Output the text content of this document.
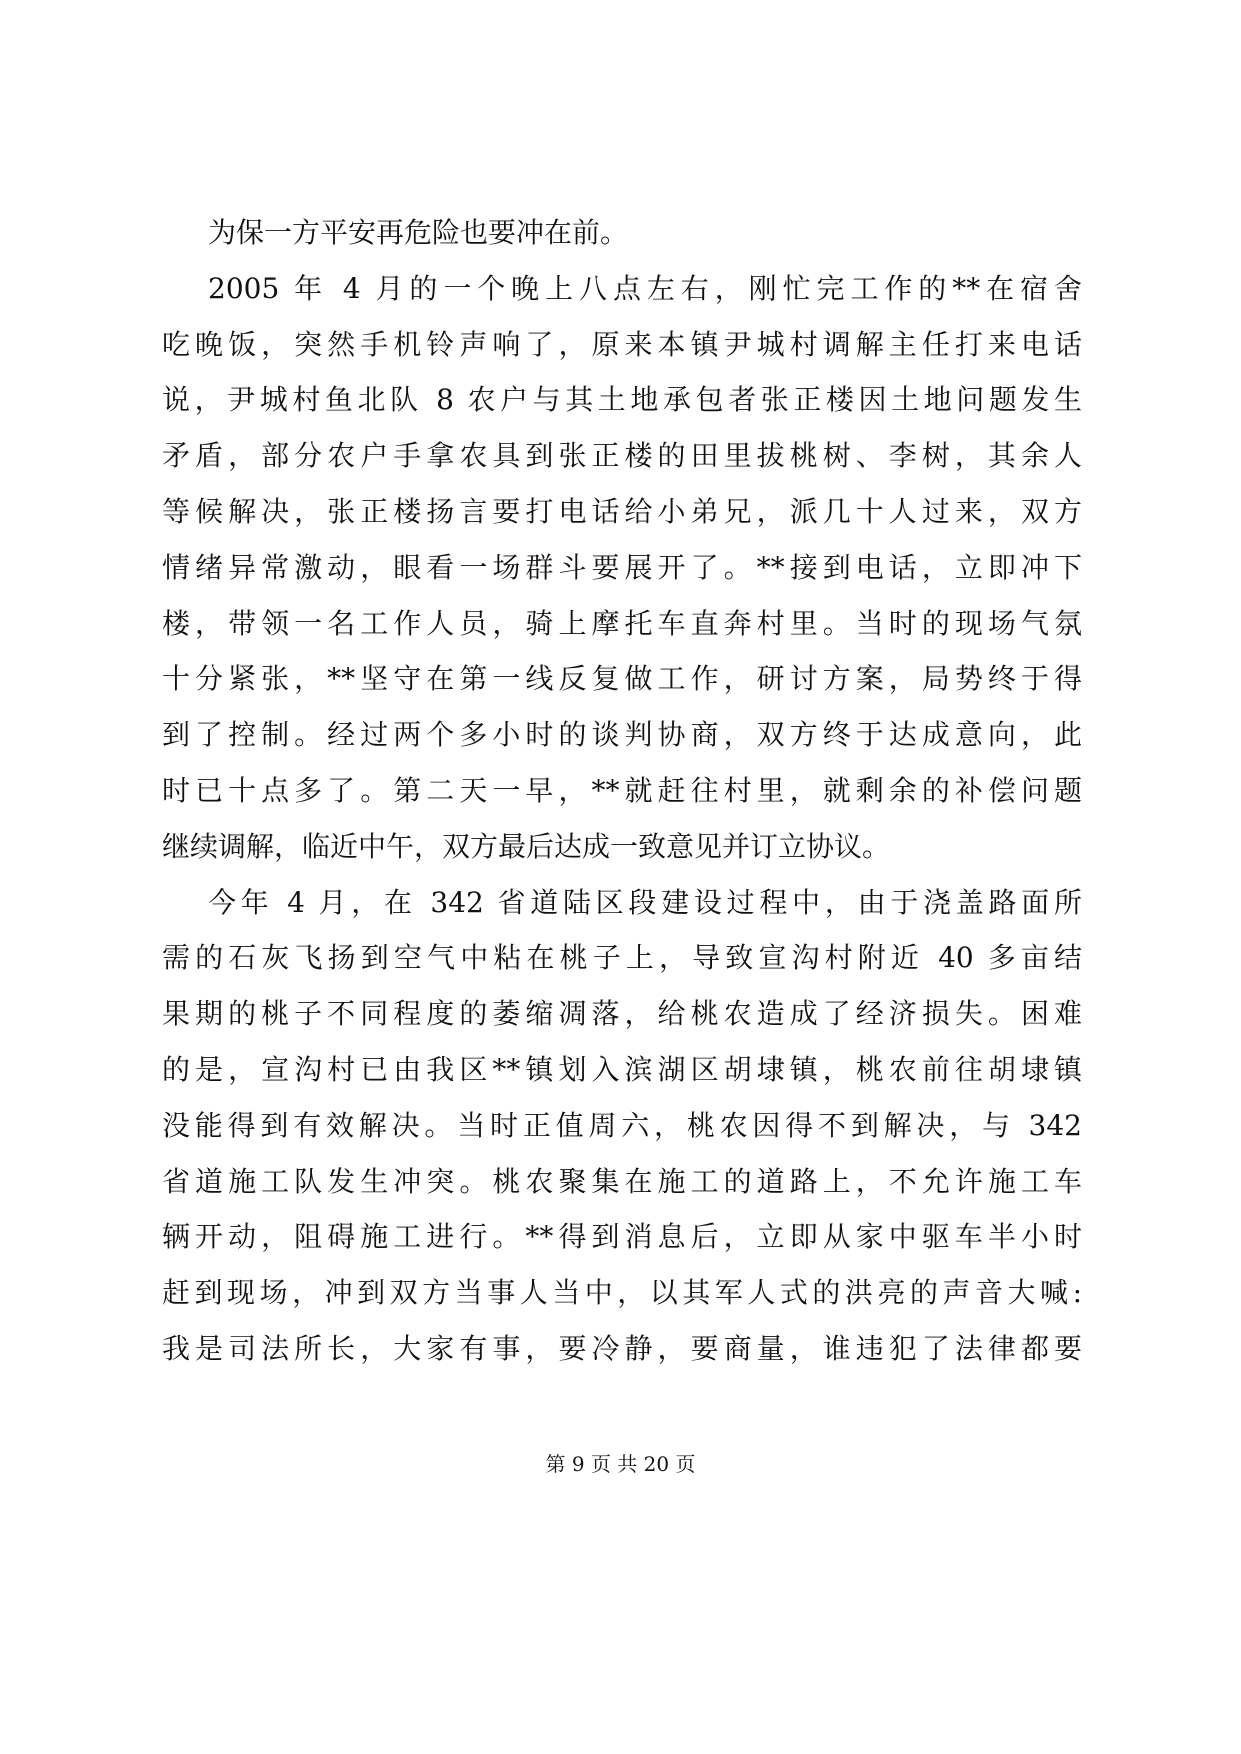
为保一方平安再危险也要冲在前。
2005 年 4 月的一个晚上八点左右，刚忙完工作的**在宿舍
吃晚饭，突然手机铃声响了，原来本镇尹城村调解主任打来电话
说，尹城村鱼北队 8 农户与其土地承包者张正楼因土地问题发生
矛盾，部分农户手拿农具到张正楼的田里拔桃树、李树，其余人
等候解决，张正楼扬言要打电话给小弟兄，派几十人过来，双方
情绪异常激动，眼看一场群斗要展开了。**接到电话，立即冲下
楼，带领一名工作人员，骑上摩托车直奔村里。当时的现场气氛
十分紧张，**坚守在第一线反复做工作，研讨方案，局势终于得
到了控制。经过两个多小时的谈判协商，双方终于达成意向，此
时已十点多了。第二天一早，**就赶往村里，就剩余的补偿问题
继续调解，临近中午，双方最后达成一致意见并订立协议。
今年 4 月，在 342 省道陆区段建设过程中，由于浇盖路面所
需的石灰飞扬到空气中粘在桃子上，导致宣沟村附近 40 多亩结
果期的桃子不同程度的萎缩凋落，给桃农造成了经济损失。困难
的是，宣沟村已由我区**镇划入滨湖区胡埭镇，桃农前往胡埭镇
没能得到有效解决。当时正值周六，桃农因得不到解决，与 342
省道施工队发生冲突。桃农聚集在施工的道路上，不允许施工车
辆开动，阻碍施工进行。**得到消息后，立即从家中驱车半小时
赶到现场，冲到双方当事人当中，以其军人式的洪亮的声音大喊:
我是司法所长，大家有事，要冷静，要商量，谁违犯了法律都要
第 9 页 共 20 页
